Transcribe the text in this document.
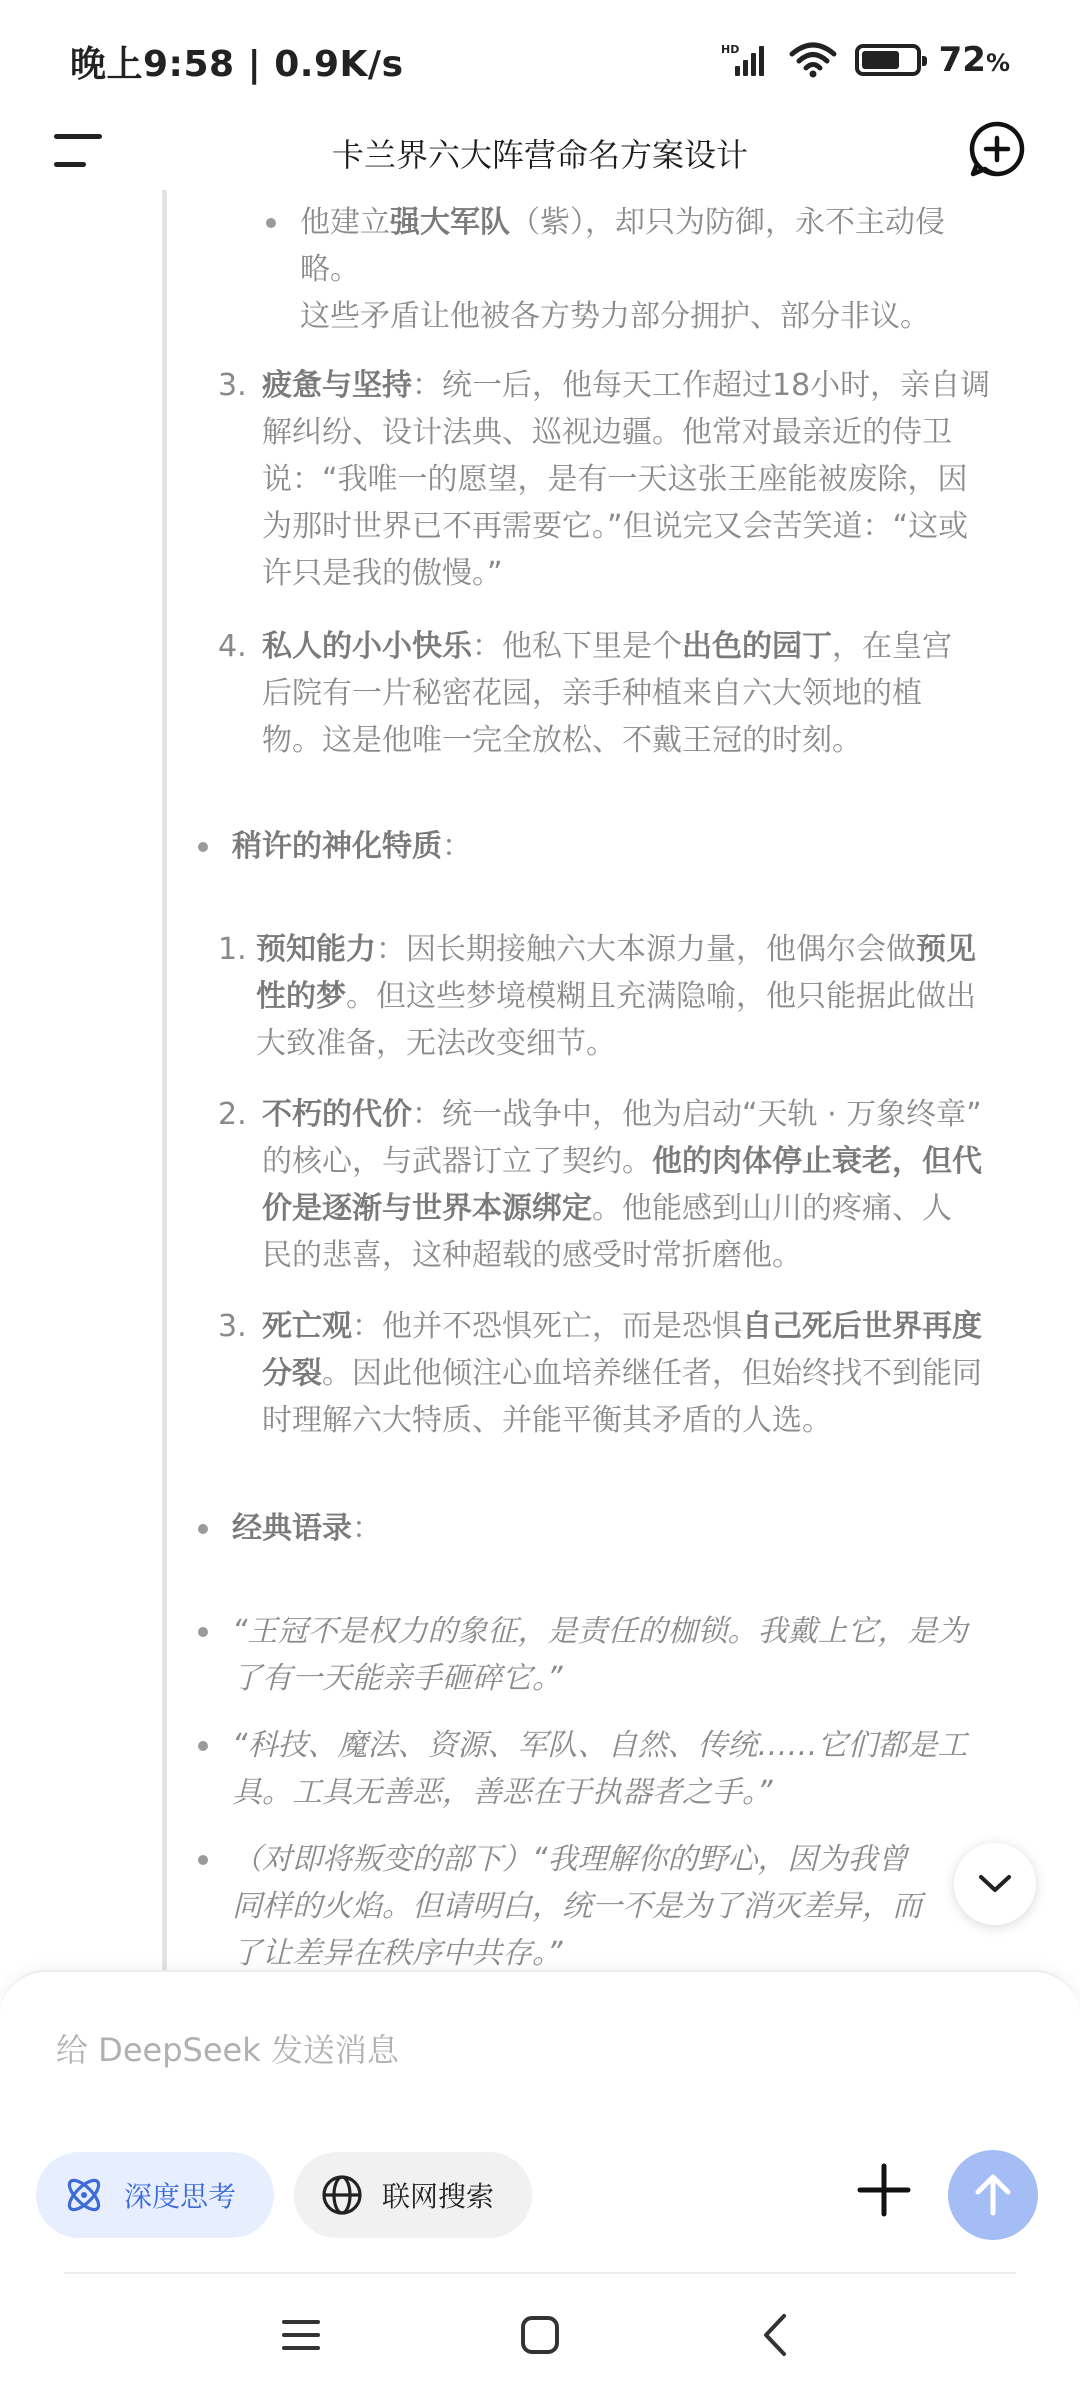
晚上9:58 | 0.9K/s	HD	72%
卡兰界六大阵营命名方案设计
他建立强大军队（紫），却只为防御，永不主动侵
略。
这些矛盾让他被各方势力部分拥护、部分非议。
3. 疲惫与坚持：统一后，他每天工作超过18小时，亲自调
解纠纷、设计法典、巡视边疆。他常对最亲近的侍卫
说：“我唯一的愿望，是有一天这张王座能被废除，因
为那时世界已不再需要它。”但说完又会苦笑道：“这或
许只是我的傲慢。”
4. 私人的小小快乐：他私下里是个出色的园丁，在皇宫
后院有一片秘密花园，亲手种植来自六大领地的植
物。这是他唯一完全放松、不戴王冠的时刻。
稍许的神化特质：
1. 预知能力：因长期接触六大本源力量，他偶尔会做预见
性的梦。但这些梦境模糊且充满隐喻，他只能据此做出
大致准备，无法改变细节。
2. 不朽的代价：统一战争中，他为启动“天轨 · 万象终章”
的核心，与武器订立了契约。他的肉体停止衰老，但代
价是逐渐与世界本源绑定。他能感到山川的疼痛、人
民的悲喜，这种超载的感受时常折磨他。
3. 死亡观：他并不恐惧死亡，而是恐惧自己死后世界再度
分裂。因此他倾注心血培养继任者，但始终找不到能同
时理解六大特质、并能平衡其矛盾的人选。
经典语录：
“王冠不是权力的象征，是责任的枷锁。我戴上它，是为
了有一天能亲手砸碎它。”
“科技、魔法、资源、军队、自然、传统……它们都是工
具。工具无善恶，善恶在于执器者之手。”
（对即将叛变的部下）“我理解你的野心，因为我曾
同样的火焰。但请明白，统一不是为了消灭差异，而
了让差异在秩序中共存。”
给 DeepSeek 发送消息
深度思考	联网搜索
